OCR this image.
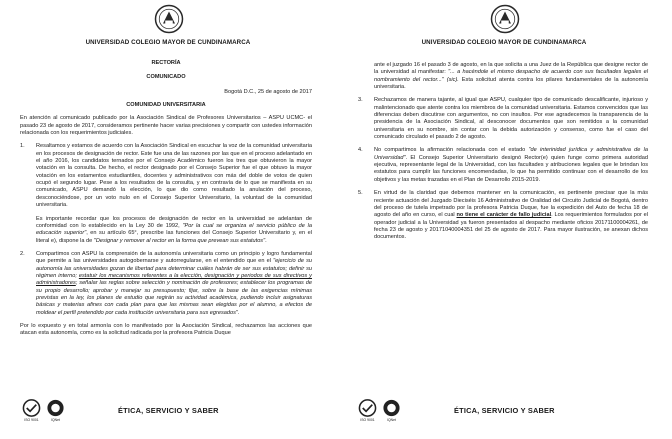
UNIVERSIDAD COLEGIO MAYOR DE CUNDINAMARCA

RECTORÍA

COMUNICADO

Bogotá D.C., 25 de agosto de 2017

COMUNIDAD UNIVERSITARIA

En atención al comunicado publicado por la Asociación Sindical de Profesores Universitarios – ASPU UCMC- el pasado 23 de agosto de 2017, consideramos pertinente hacer varias precisiones y compartir con ustedes información relacionada con los requerimientos judiciales.

1.	Resaltamos y estamos de acuerdo con la Asociación Sindical en escuchar la voz de la comunidad universitaria en los procesos de designación de rector. Este fue una de las razones por las que en el proceso adelantado en el año 2016, los candidatos ternados por el Consejo Académico fueron los tres que obtuvieron la mayor votación en la consulta. De hecho, el rector designado por el Consejo Superior fue el que obtuvo la mayor votación en los estamentos estudiantiles, docentes y administrativos con más del doble de votos de quien ocupó el segundo lugar. Pese a los resultados de la consulta, y en contravía de lo que se manifiesta en su comunicado, ASPU demandó la elección, lo que dio como resultado la anulación del proceso, desconociéndose, por un voto nulo en el Consejo Superior Universitario, la voluntad de la comunidad universitaria.

Es importante recordar que los procesos de designación de rector en la universidad se adelantan de conformidad con lo establecido en la Ley 30 de 1992, "Por la cual se organiza el servicio público de la educación superior", en su artículo 65°, prescribe las funciones del Consejo Superior Universitario y, en el literal e), dispone la de "Designar y remover al rector en la forma que prevean sus estatutos".

2.	Compartimos con ASPU la comprensión de la autonomía universitaria como un principio y logro fundamental que permite a las universidades autogobernarse y autorregularse, en el entendido que en el "ejercicio de su autonomía las universidades gozan de libertad para determinar cuáles habrán de ser sus estatutos; definir su régimen interno; estatuir los mecanismos referentes a la elección, designación y periodos de sus directivos y administradores; señalar las reglas sobre selección y nominación de profesores; establecer los programas de su propio desarrollo; aprobar y manejar su presupuesto; fijar, sobre la base de las exigencias mínimas previstas en la ley, los planes de estudio que regirán su actividad académica, pudiendo incluir asignaturas básicas y materias afines con cada plan para que las mismas sean elegidas por el alumno, a efectos de moldear el perfil pretendido por cada institución universitaria para sus egresados".

Por lo expuesto y en total armonía con lo manifestado por la Asociación Sindical, rechazamos las acciones que atacan esta autonomía, como es la solicitud radicada por la profesora Patricia Duque

ISO 9001	IQNet
ÉTICA, SERVICIO Y SABER
UNIVERSIDAD COLEGIO MAYOR DE CUNDINAMARCA

ante el juzgado 16 el pasado 3 de agosto, en la que solicita a una Juez de la República que designe rector de la universidad al manifestar: "... a hacéndole el mismo despacho de acuerdo con sus facultades legales el nombramiento del rector..." (sic). Esta solicitud atenta contra los pilares fundamentales de la autonomía universitaria.

3.	Rechazamos de manera tajante, al igual que ASPU, cualquier tipo de comunicado descalificante, injurioso y malintencionado que atente contra los miembros de la comunidad universitaria. Estamos convencidos que las diferencias deben discutirse con argumentos, no con insultos. Por ese agradecemos la transparencia de la presidencia de la Asociación Sindical, al desconocer documentos que son remitidos a la comunidad universitaria en su nombre, sin contar con la debida autorización y consenso, como fue el caso del comunicado circulado el pasado 2 de agosto.
4.	No compartimos la afirmación relacionada con el estado "de interinidad jurídica y administrativa de la Universidad". El Consejo Superior Universitario designó Rector(e) quien funge como primera autoridad ejecutiva, representante legal de la Universidad, con las facultades y atribuciones legales que le brindan los estatutos para cumplir las funciones encomendadas, lo que ha permitido continuar con el desarrollo de los objetivos y las metas trazadas en el Plan de Desarrollo 2015-2019.
5.	En virtud de la claridad que debemos mantener en la comunicación, es pertinente precisar que la más reciente actuación del Juzgado Dieciséis 16 Administrativo de Oralidad del Circuito Judicial de Bogotá, dentro del proceso de tutela impetrado por la profesora Patricia Duque, fue la expedición del Auto de fecha 18 de agosto del año en curso, el cual no tiene el carácter de fallo judicial. Los requerimientos formulados por el operador judicial a la Universidad ya fueron presentados al despacho mediante oficios 20171100004261, de fecha 23 de agosto y 20171040004351 del 25 de agosto de 2017. Para mayor ilustración, se anexan dichos documentos.
ISO 9001	IQNet
ÉTICA, SERVICIO Y SABER
